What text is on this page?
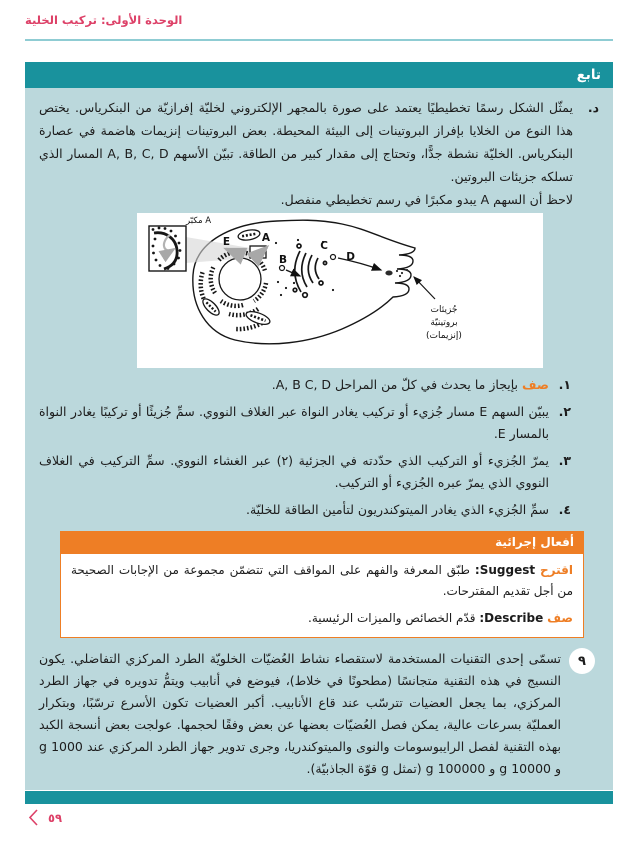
الوحدة الأولى: تركيب الخلية
تابع
د.

يمثّل الشكل رسمًا تخطيطيًا يعتمد على صورة بالمجهر الإلكتروني لخليّة إفرازيّة من البنكرياس. يختص هذا النوع من الخلايا بإفراز البروتينات إلى البيئة المحيطة. بعض البروتينات إنزيمات هاضمة في عصارة البنكرياس. الخليّة نشطة جدًّا، وتحتاج إلى مقدار كبير من الطاقة. تبيّن الأسهم A, B, C, D المسار الذي تسلكه جزيئات البروتين.

لاحظ أن السهم A يبدو مكبرًا في رسم تخطيطي منفصل.

A
B
C
D
E
A مكبّر
جُزيئات
بروتينيّة
(إنزيمات)
١.
صف بإيجاز ما يحدث في كلّ من المراحل A, B C, D.
٢.
يبيّن السهم E مسار جُزيء أو تركيب يغادر النواة عبر الغلاف النووي. سمِّ جُزيئًا أو تركيبًا يغادر النواة بالمسار E.
٣.
يمرّ الجُزيء أو التركيب الذي حدّدته في الجزئية (٢) عبر الغشاء النووي. سمِّ التركيب في الغلاف النووي الذي يمرّ عبره الجُزيء أو التركيب.
٤.
سمِّ الجُزيء الذي يغادر الميتوكندريون لتأمين الطاقة للخليّة.
أفعال إجرائية

اقترح Suggest: طبّق المعرفة والفهم على المواقف التي تتضمّن مجموعة من الإجابات الصحيحة من أجل تقديم المقترحات.

صف Describe: قدّم الخصائص والميزات الرئيسية.

٩

تسمّى إحدى التقنيات المستخدمة لاستقصاء نشاط العُضيّات الخلويّة الطرد المركزي التفاضلي. يكون النسيج في هذه التقنية متجانسًا (مطحونًا في خلاط)، فيوضع في أنابيب ويتمُّ تدويره في جهاز الطرد المركزي، بما يجعل العضيات تترسّب عند قاع الأنابيب. أكبر العضيات تكون الأسرع ترسّبًا، وبتكرار العمليّة بسرعات عالية، يمكن فصل العُضيّات بعضها عن بعض وفقًا لحجمها. عولجت بعض أنسجة الكبد بهذه التقنية لفصل الرايبوسومات والنوى والميتوكندريا، وجرى تدوير جهاز الطرد المركزي عند 1000 g و 10000 g و 100000 g (تمثل g قوّة الجاذبيّة).

٥٩
